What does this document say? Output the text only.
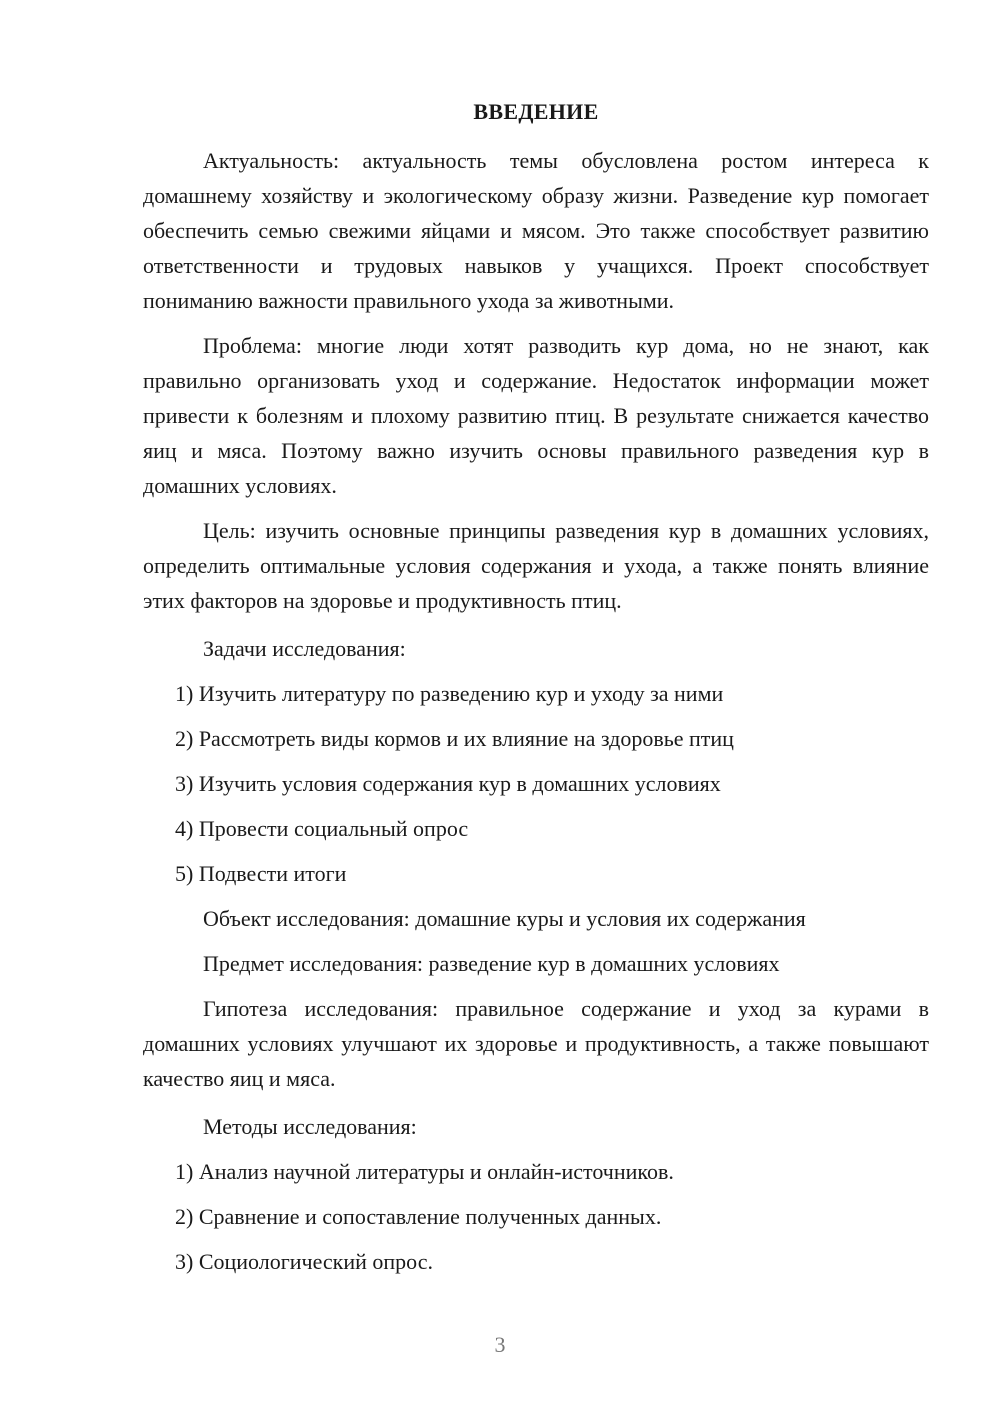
ВВЕДЕНИЕ

Актуальность: актуальность темы обусловлена ростом интереса к домашнему хозяйству и экологическому образу жизни. Разведение кур помогает обеспечить семью свежими яйцами и мясом. Это также способствует развитию ответственности и трудовых навыков у учащихся. Проект способствует пониманию важности правильного ухода за животными.

Проблема: многие люди хотят разводить кур дома, но не знают, как правильно организовать уход и содержание. Недостаток информации может привести к болезням и плохому развитию птиц. В результате снижается качество яиц и мяса. Поэтому важно изучить основы правильного разведения кур в домашних условиях.

Цель: изучить основные принципы разведения кур в домашних условиях, определить оптимальные условия содержания и ухода, а также понять влияние этих факторов на здоровье и продуктивность птиц.

Задачи исследования:
1) Изучить литературу по разведению кур и уходу за ними
2) Рассмотреть виды кормов и их влияние на здоровье птиц
3) Изучить условия содержания кур в домашних условиях
4) Провести социальный опрос
5) Подвести итоги
Объект исследования: домашние куры и условия их содержания
Предмет исследования: разведение кур в домашних условиях

Гипотеза исследования: правильное содержание и уход за курами в домашних условиях улучшают их здоровье и продуктивность, а также повышают качество яиц и мяса.

Методы исследования:
1) Анализ научной литературы и онлайн-источников.
2) Сравнение и сопоставление полученных данных.
3) Социологический опрос.
3
